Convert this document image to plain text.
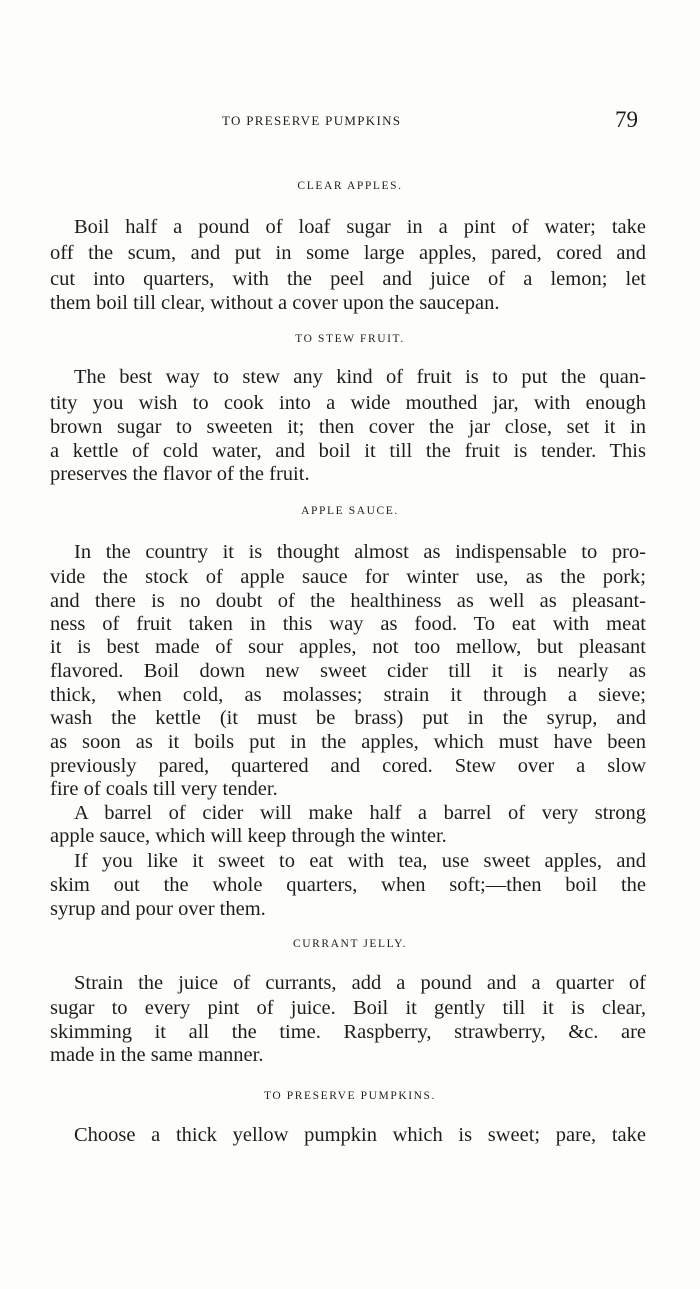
TO PRESERVE PUMPKINS	79
CLEAR APPLES.
Boil half a pound of loaf sugar in a pint of water; take
off the scum, and put in some large apples, pared, cored and
cut into quarters, with the peel and juice of a lemon; let
them boil till clear, without a cover upon the saucepan.
TO STEW FRUIT.
The best way to stew any kind of fruit is to put the quan-
tity you wish to cook into a wide mouthed jar, with enough
brown sugar to sweeten it; then cover the jar close, set it in
a kettle of cold water, and boil it till the fruit is tender. This
preserves the flavor of the fruit.
APPLE SAUCE.
In the country it is thought almost as indispensable to pro-
vide the stock of apple sauce for winter use, as the pork;
and there is no doubt of the healthiness as well as pleasant-
ness of fruit taken in this way as food. To eat with meat
it is best made of sour apples, not too mellow, but pleasant
flavored. Boil down new sweet cider till it is nearly as
thick, when cold, as molasses; strain it through a sieve;
wash the kettle (it must be brass) put in the syrup, and
as soon as it boils put in the apples, which must have been
previously pared, quartered and cored. Stew over a slow
fire of coals till very tender.
A barrel of cider will make half a barrel of very strong
apple sauce, which will keep through the winter.
If you like it sweet to eat with tea, use sweet apples, and
skim out the whole quarters, when soft;—then boil the
syrup and pour over them.
CURRANT JELLY.
Strain the juice of currants, add a pound and a quarter of
sugar to every pint of juice. Boil it gently till it is clear,
skimming it all the time. Raspberry, strawberry, &c. are
made in the same manner.
TO PRESERVE PUMPKINS.
Choose a thick yellow pumpkin which is sweet; pare, take
